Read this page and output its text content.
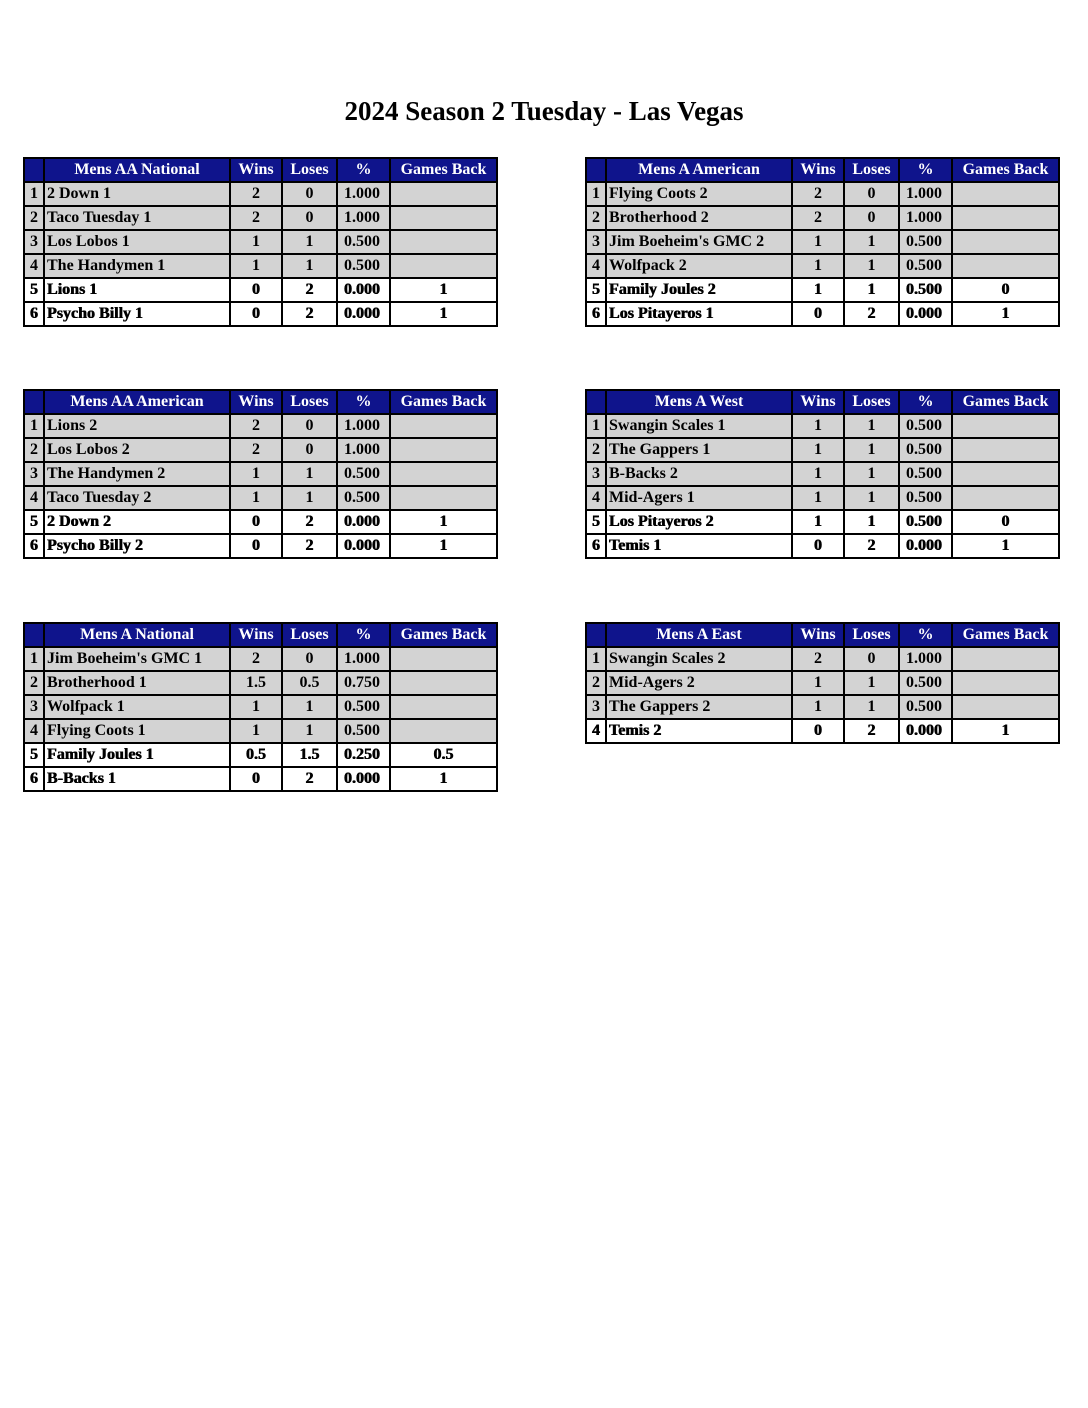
2024 Season 2 Tuesday - Las Vegas
	Mens AA National	Wins	Loses	%	Games Back
1	2 Down 1	2	0	1.000	
2	Taco Tuesday 1	2	0	1.000	
3	Los Lobos 1	1	1	0.500	
4	The Handymen 1	1	1	0.500	
5	Lions 1	0	2	0.000	1
6	Psycho Billy 1	0	2	0.000	1
	Mens A American	Wins	Loses	%	Games Back
1	Flying Coots 2	2	0	1.000	
2	Brotherhood 2	2	0	1.000	
3	Jim Boeheim's GMC 2	1	1	0.500	
4	Wolfpack 2	1	1	0.500	
5	Family Joules 2	1	1	0.500	0
6	Los Pitayeros 1	0	2	0.000	1
	Mens AA American	Wins	Loses	%	Games Back
1	Lions 2	2	0	1.000	
2	Los Lobos 2	2	0	1.000	
3	The Handymen 2	1	1	0.500	
4	Taco Tuesday 2	1	1	0.500	
5	2 Down 2	0	2	0.000	1
6	Psycho Billy 2	0	2	0.000	1
	Mens A West	Wins	Loses	%	Games Back
1	Swangin Scales 1	1	1	0.500	
2	The Gappers 1	1	1	0.500	
3	B-Backs 2	1	1	0.500	
4	Mid-Agers 1	1	1	0.500	
5	Los Pitayeros 2	1	1	0.500	0
6	Temis 1	0	2	0.000	1
	Mens A National	Wins	Loses	%	Games Back
1	Jim Boeheim's GMC 1	2	0	1.000	
2	Brotherhood 1	1.5	0.5	0.750	
3	Wolfpack 1	1	1	0.500	
4	Flying Coots 1	1	1	0.500	
5	Family Joules 1	0.5	1.5	0.250	0.5
6	B-Backs 1	0	2	0.000	1
	Mens A East	Wins	Loses	%	Games Back
1	Swangin Scales 2	2	0	1.000	
2	Mid-Agers 2	1	1	0.500	
3	The Gappers 2	1	1	0.500	
4	Temis 2	0	2	0.000	1
